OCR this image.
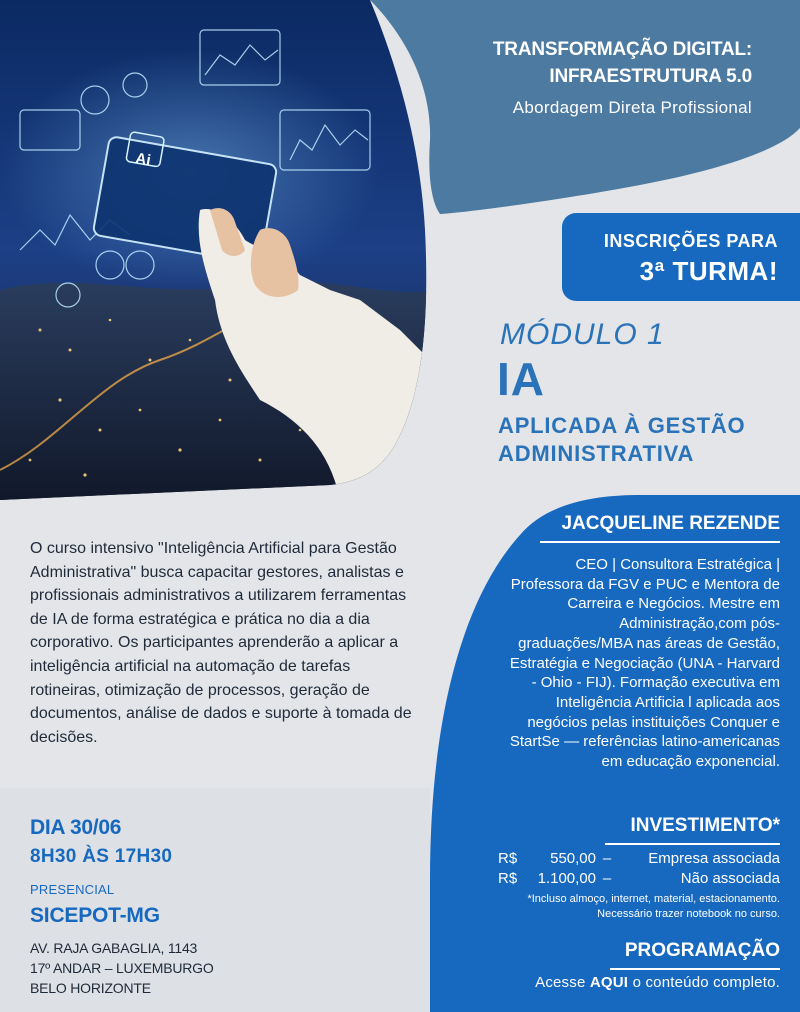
Ai
TRANSFORMAÇÃO DIGITAL:
INFRAESTRUTURA 5.0
Abordagem Direta Profissional
INSCRIÇÕES PARA
3ª TURMA!
MÓDULO 1
IA
APLICADA À GESTÃO
ADMINISTRATIVA

O curso intensivo "Inteligência Artificial para Gestão Administrativa" busca capacitar gestores, analistas e profissionais administrativos a utilizarem ferramentas de IA de forma estratégica e prática no dia a dia corporativo. Os participantes aprenderão a aplicar a inteligência artificial na automação de tarefas rotineiras, otimização de processos, geração de documentos, análise de dados e suporte à tomada de decisões.

JACQUELINE REZENDE

CEO | Consultora Estratégica | Professora da FGV e PUC e Mentora de Carreira e Negócios. Mestre em Administração,com pós-graduações/MBA nas áreas de Gestão, Estratégia e Negociação (UNA - Harvard - Ohio - FIJ). Formação executiva em Inteligência Artificia l aplicada aos negócios pelas instituições Conquer e StartSe — referências latino-americanas em educação exponencial.

INVESTIMENTO*
R$	550,00 –	Empresa associada
R$	1.100,00 –	Não associada
*Incluso almoço, internet, material, estacionamento.
Necessário trazer notebook no curso.
PROGRAMAÇÃO
Acesse AQUI o conteúdo completo.
DIA 30/06
8H30 ÀS 17H30
PRESENCIAL
SICEPOT-MG
AV. RAJA GABAGLIA, 1143
17º ANDAR – LUXEMBURGO
BELO HORIZONTE
